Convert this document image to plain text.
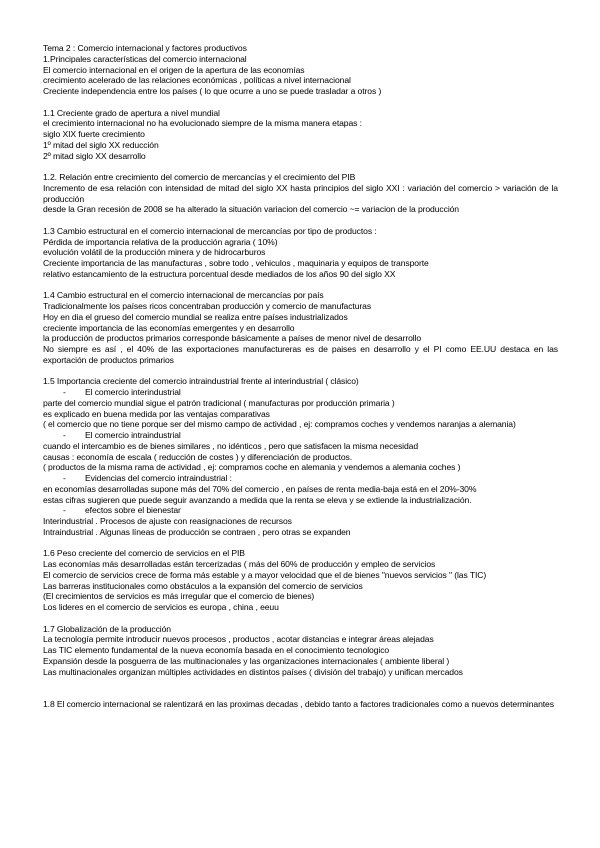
Tema 2 : Comercio internacional y factores productivos
1.Principales características del comercio internacional
El comercio internacional en el origen de la apertura de las economías
crecimiento acelerado de las relaciones económicas , políticas a nivel internacional
Creciente independencia entre los países ( lo que ocurre a uno se puede trasladar a otros )
1.1 Creciente grado de apertura a nivel mundial
el crecimiento internacional no ha evolucionado siempre de la misma manera etapas :
siglo XIX fuerte crecimiento
1º mitad del siglo XX reducción
2º mitad siglo XX desarrollo
1.2. Relación entre crecimiento del comercio de mercancías y el crecimiento del PIB
Incremento de esa relación con intensidad de mitad del siglo XX hasta principios del siglo XXI : variación del comercio > variación de la producción
desde la Gran recesión de 2008 se ha alterado la situación variacion del comercio ~= variacion de la producción
1.3 Cambio estructural en el comercio internacional de mercancías por tipo de productos :
Pérdida de importancia relativa de la producción agraria ( 10%)
evolución volátil de la producción minera y de hidrocarburos
Creciente importancia de las manufacturas , sobre todo , vehiculos , maquinaria y equipos de transporte
relativo estancamiento de la estructura porcentual desde mediados de los años 90 del siglo XX
1.4 Cambio estructural en el comercio internacional de mercancías por país
Tradicionalmente los países ricos concentraban producción y comercio de manufacturas
Hoy en dia el grueso del comercio mundial se realiza entre países industrializados
creciente importancia de las economías emergentes y en desarrollo
la producción de productos primarios corresponde básicamente a países de menor nivel de desarrollo
No siempre es así , el 40% de las exportaciones manufactureras es de paises en desarrollo y el PI como EE.UU destaca en las exportación de productos primarios
1.5 Importancia creciente del comercio intraindustrial frente al interindustrial ( clásico)
- El comercio interindustrial
parte del comercio mundial sigue el patrón tradicional ( manufacturas por producción primaria )
es explicado en buena medida por las ventajas comparativas
( el comercio que no tiene porque ser del mismo campo de actividad , ej: compramos coches y vendemos naranjas a alemania)
- El comercio intraindustrial
cuando el intercambio es de bienes similares , no idénticos , pero que satisfacen la misma necesidad
causas : economía de escala ( reducción de costes ) y diferenciación de productos.
( productos de la misma rama de actividad , ej: compramos coche en alemania y vendemos a alemania coches )
- Evidencias del comercio intraindustrial :
en economías desarrolladas supone más del 70% del comercio , en países de renta media-baja está en el 20%-30%
estas cifras sugieren que puede seguir avanzando a medida que la renta se eleva y se extiende la industrialización.
- efectos sobre el bienestar
Interindustrial . Procesos de ajuste con reasignaciones de recursos
Intraindustrial . Algunas líneas de producción se contraen , pero otras se expanden
1.6 Peso creciente del comercio de servicios en el PIB
Las economías más desarrolladas están tercerizadas ( más del 60% de producción y empleo de servicios
El comercio de servicios crece de forma más estable y a mayor velocidad que el de bienes "nuevos servicios " (las TIC)
Las barreras institucionales como obstáculos a la expansión del comercio de servicios
(El crecimientos de servicios es más irregular que el comercio de bienes)
Los lideres en el comercio de servicios es europa , china , eeuu
1.7 Globalización de la producción
La tecnología permite introducir nuevos procesos , productos , acotar distancias e integrar áreas alejadas
Las TIC elemento fundamental de la nueva economía basada en el conocimiento tecnologico
Expansión desde la posguerra de las multinacionales y las organizaciones internacionales ( ambiente liberal )
Las multinacionales organizan múltiples actividades en distintos países ( división del trabajo) y unifican mercados
1.8 El comercio internacional se ralentizará en las proximas decadas , debido tanto a factores tradicionales como a nuevos determinantes
